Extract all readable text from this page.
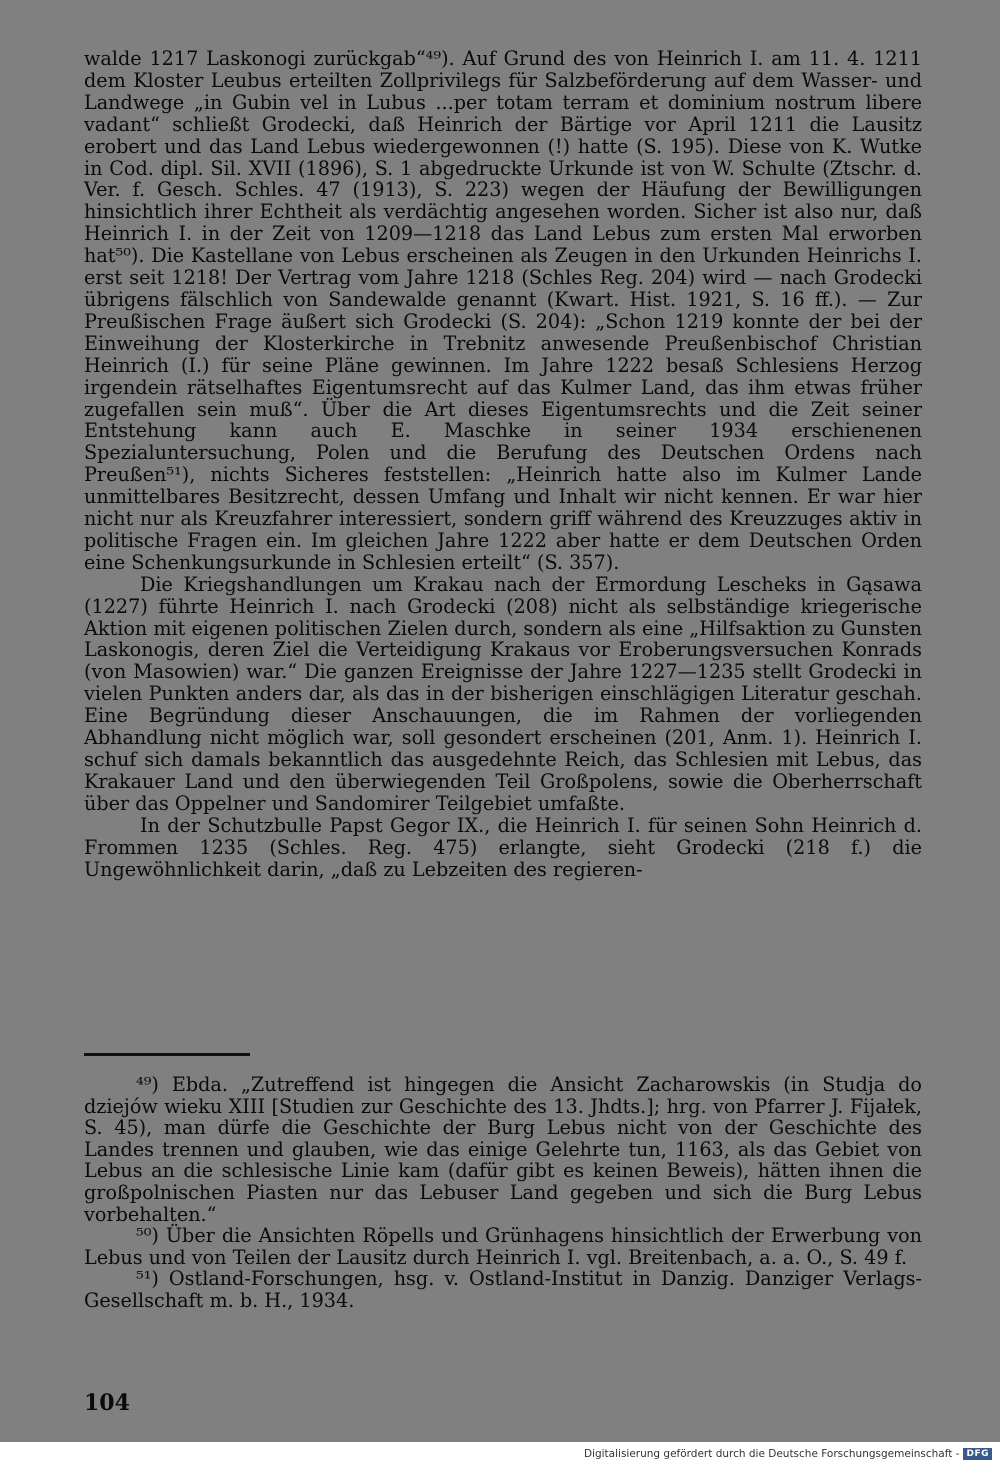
walde 1217 Laskonogi zurückgab“⁴⁹). Auf Grund des von Heinrich I. am 11. 4. 1211 dem Kloster Leubus erteilten Zollprivilegs für Salzbeförderung auf dem Wasser- und Landwege „in Gubin vel in Lubus ...per totam terram et dominium nostrum libere vadant“ schließt Grodecki, daß Heinrich der Bärtige vor April 1211 die Lausitz erobert und das Land Lebus wiedergewonnen (!) hatte (S. 195). Diese von K. Wutke in Cod. dipl. Sil. XVII (1896), S. 1 abgedruckte Urkunde ist von W. Schulte (Ztschr. d. Ver. f. Gesch. Schles. 47 (1913), S. 223) wegen der Häufung der Bewilligungen hinsichtlich ihrer Echtheit als verdächtig angesehen worden. Sicher ist also nur, daß Heinrich I. in der Zeit von 1209—1218 das Land Lebus zum ersten Mal erworben hat⁵⁰). Die Kastellane von Lebus erscheinen als Zeugen in den Urkunden Heinrichs I. erst seit 1218! Der Vertrag vom Jahre 1218 (Schles Reg. 204) wird — nach Grodecki übrigens fälschlich von Sandewalde genannt (Kwart. Hist. 1921, S. 16 ff.). — Zur Preußischen Frage äußert sich Grodecki (S. 204): „Schon 1219 konnte der bei der Einweihung der Klosterkirche in Trebnitz anwesende Preußenbischof Christian Heinrich (I.) für seine Pläne gewinnen. Im Jahre 1222 besaß Schlesiens Herzog irgendein rätselhaftes Eigentumsrecht auf das Kulmer Land, das ihm etwas früher zugefallen sein muß“. Über die Art dieses Eigentumsrechts und die Zeit seiner Entstehung kann auch E. Maschke in seiner 1934 erschienenen Spezialuntersuchung, Polen und die Berufung des Deutschen Ordens nach Preußen⁵¹), nichts Sicheres feststellen: „Heinrich hatte also im Kulmer Lande unmittelbares Besitzrecht, dessen Umfang und Inhalt wir nicht kennen. Er war hier nicht nur als Kreuzfahrer interessiert, sondern griff während des Kreuzzuges aktiv in politische Fragen ein. Im gleichen Jahre 1222 aber hatte er dem Deutschen Orden eine Schenkungsurkunde in Schlesien erteilt“ (S. 357).

Die Kriegshandlungen um Krakau nach der Ermordung Lescheks in Gąsawa (1227) führte Heinrich I. nach Grodecki (208) nicht als selbständige kriegerische Aktion mit eigenen politischen Zielen durch, sondern als eine „Hilfsaktion zu Gunsten Laskonogis, deren Ziel die Verteidigung Krakaus vor Eroberungsversuchen Konrads (von Masowien) war.“ Die ganzen Ereignisse der Jahre 1227—1235 stellt Grodecki in vielen Punkten anders dar, als das in der bisherigen einschlägigen Literatur geschah. Eine Begründung dieser Anschauungen, die im Rahmen der vorliegenden Abhandlung nicht möglich war, soll gesondert erscheinen (201, Anm. 1). Heinrich I. schuf sich damals bekanntlich das ausgedehnte Reich, das Schlesien mit Lebus, das Krakauer Land und den überwiegenden Teil Großpolens, sowie die Oberherrschaft über das Oppelner und Sandomirer Teilgebiet umfaßte.

In der Schutzbulle Papst Gegor IX., die Heinrich I. für seinen Sohn Heinrich d. Frommen 1235 (Schles. Reg. 475) erlangte, sieht Grodecki (218 f.) die Ungewöhnlichkeit darin, „daß zu Lebzeiten des regieren-

⁴⁹) Ebda. „Zutreffend ist hingegen die Ansicht Zacharowskis (in Studja do dziejów wieku XIII [Studien zur Geschichte des 13. Jhdts.]; hrg. von Pfarrer J. Fijałek, S. 45), man dürfe die Geschichte der Burg Lebus nicht von der Geschichte des Landes trennen und glauben, wie das einige Gelehrte tun, 1163, als das Gebiet von Lebus an die schlesische Linie kam (dafür gibt es keinen Beweis), hätten ihnen die großpolnischen Piasten nur das Lebuser Land gegeben und sich die Burg Lebus vorbehalten.“

⁵⁰) Über die Ansichten Röpells und Grünhagens hinsichtlich der Erwerbung von Lebus und von Teilen der Lausitz durch Heinrich I. vgl. Breitenbach, a. a. O., S. 49 f.

⁵¹) Ostland-Forschungen, hsg. v. Ostland-Institut in Danzig. Danziger Verlags-Gesellschaft m. b. H., 1934.

104
Digitalisierung gefördert durch die Deutsche Forschungsgemeinschaft - DFG
